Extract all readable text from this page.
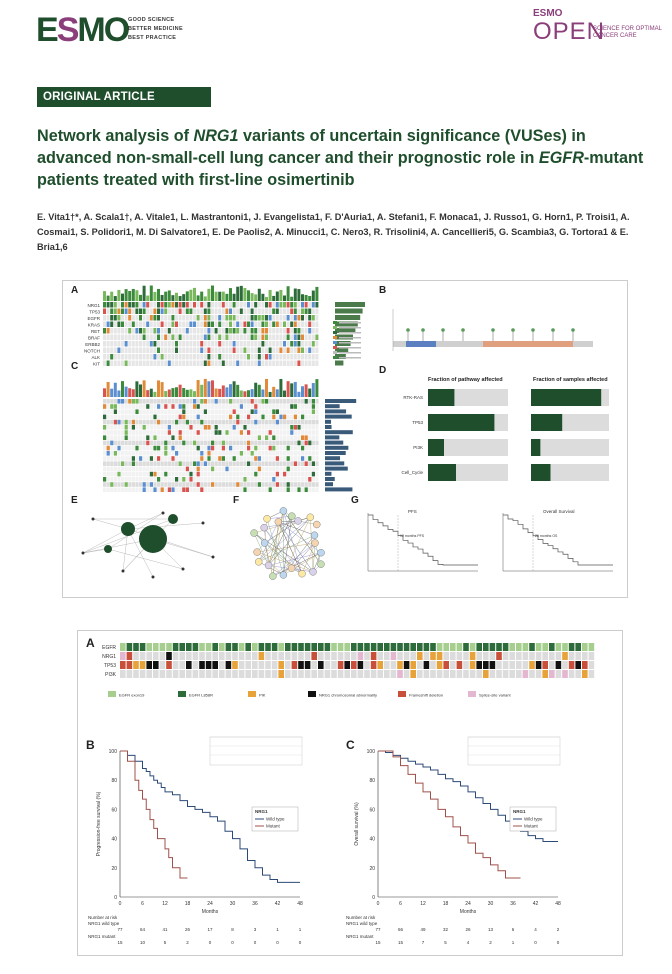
ESMO GOOD SCIENCE
BETTER MEDICINE
BEST PRACTICE
ESMO
OPEN
SCIENCE FOR OPTIMAL CANCER CARE
ORIGINAL ARTICLE
Network analysis of NRG1 variants of uncertain significance (VUSes) in advanced non-small-cell lung cancer and their prognostic role in EGFR-mutant patients treated with first-line osimertinib
E. Vita1†*, A. Scala1†, A. Vitale1, L. Mastrantoni1, J. Evangelista1, F. D'Auria1, A. Stefani1, F. Monaca1, J. Russo1, G. Horn1, P. Troisi1, A. Cosmai1, S. Polidori1, M. Di Salvatore1, E. De Paolis2, A. Minucci1, C. Nero3, R. Trisolini4, A. Cancellieri5, G. Scambia3, G. Tortora1 & E. Bria1,6
A	B
C	D
E	F	G
NRG1
TP53
EGFR
KRAS
RET
BRAF
ERBB2
NOTCH
ALK
KIT
Fraction of pathway affected	Fraction of samples affected
RTK-RAS
TP53
PI3K
Cell_Cycle
PFS
12 months PFS
Overall Survival
26 months OS
A
B	C
EGFR
NRG1
TP53
PI3K
EGFR exon19	EGFR L858R	PIK	NRG1 chromosomal abnormality	Frameshift deletion	Splice-site variant
0
20
40
60
80
100
0	6	12	18	24	30	36	42	48
Months
Progression-free survival (%)	NRG1
Wild type
Mutant
Number at risk
NRG1 wild type
77	64	41	26	17	8	3	1	1
NRG1 mutant
15	10	5	2	0	0	0	0	0
0
20
40
60
80
100
0	6	12	18	24	30	36	42	48
Months
Overall survival (%)	NRG1
Wild type
Mutant
Number at risk
NRG1 wild type
77	66	49	32	26	13	6	4	2
NRG1 mutant
15	15	7	5	4	2	1	0	0
